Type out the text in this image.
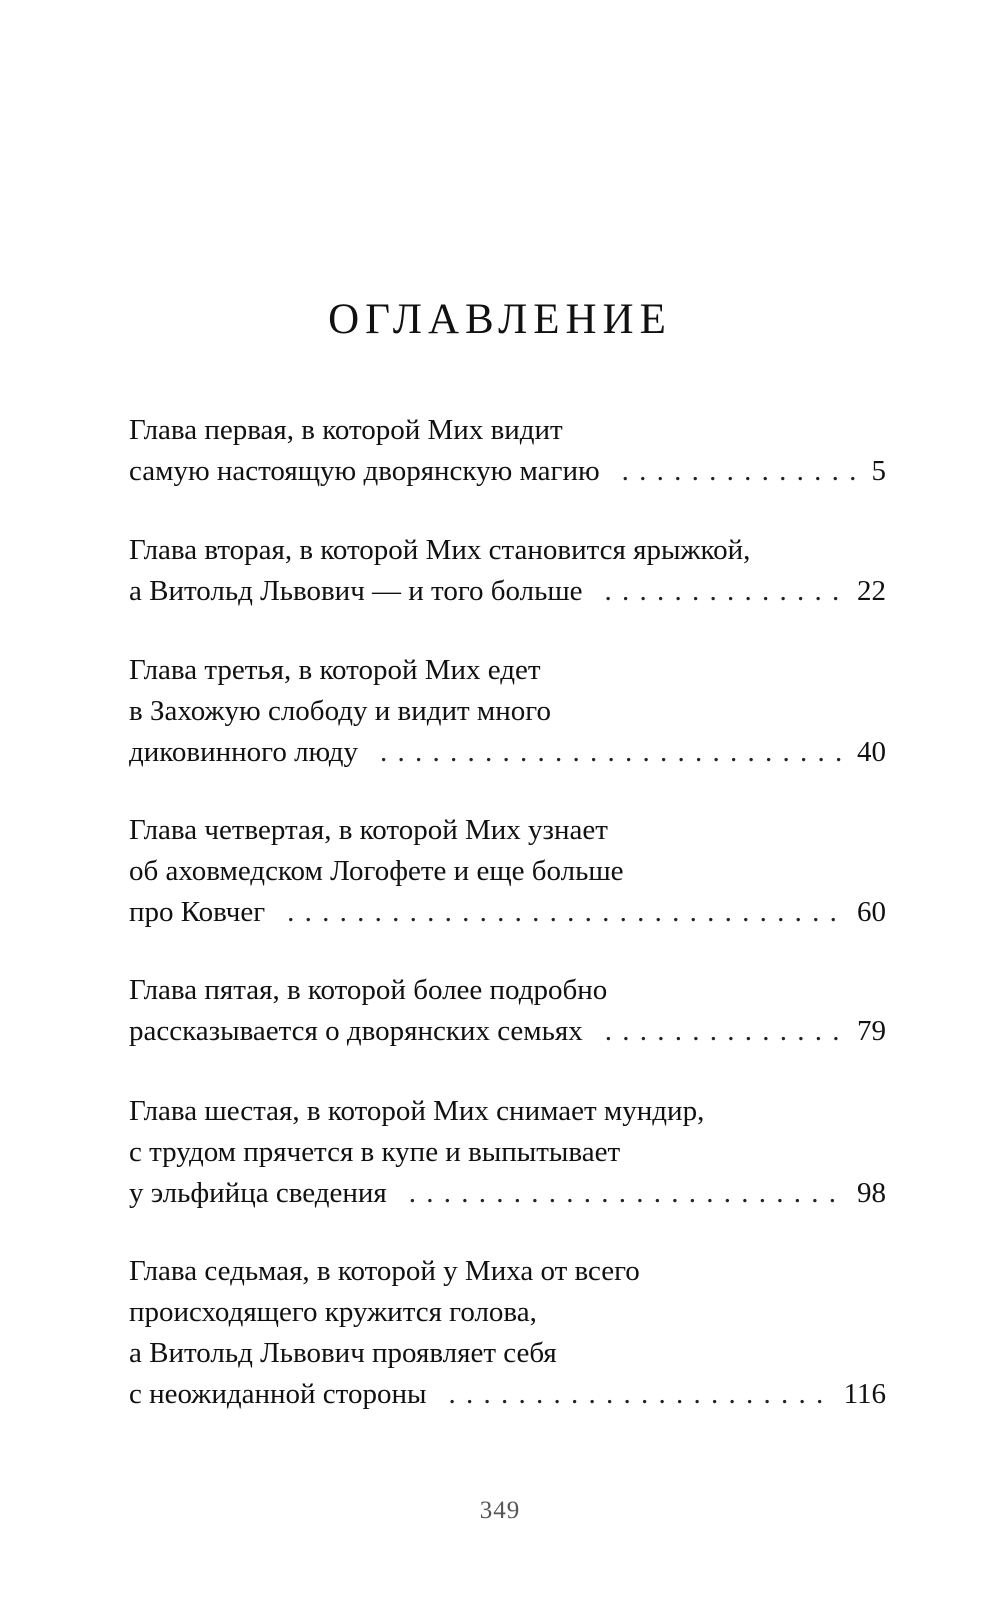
ОГЛАВЛЕНИЕ
Глава первая, в которой Мих видит
самую настоящую дворянскую магию . . .	5
Глава вторая, в которой Мих становится ярыжкой,
а Витольд Львович — и того больше . . .	22
Глава третья, в которой Мих едет
в Захожую слободу и видит много
диковинного люду . . .	40
Глава четвертая, в которой Мих узнает
об аховмедском Логофете и еще больше
про Ковчег . . .	60
Глава пятая, в которой более подробно
рассказывается о дворянских семьях . . .	79
Глава шестая, в которой Мих снимает мундир,
с трудом прячется в купе и выпытывает
у эльфийца сведения . . .	98
Глава седьмая, в которой у Миха от всего
происходящего кружится голова,
а Витольд Львович проявляет себя
с неожиданной стороны . . .	116
349
